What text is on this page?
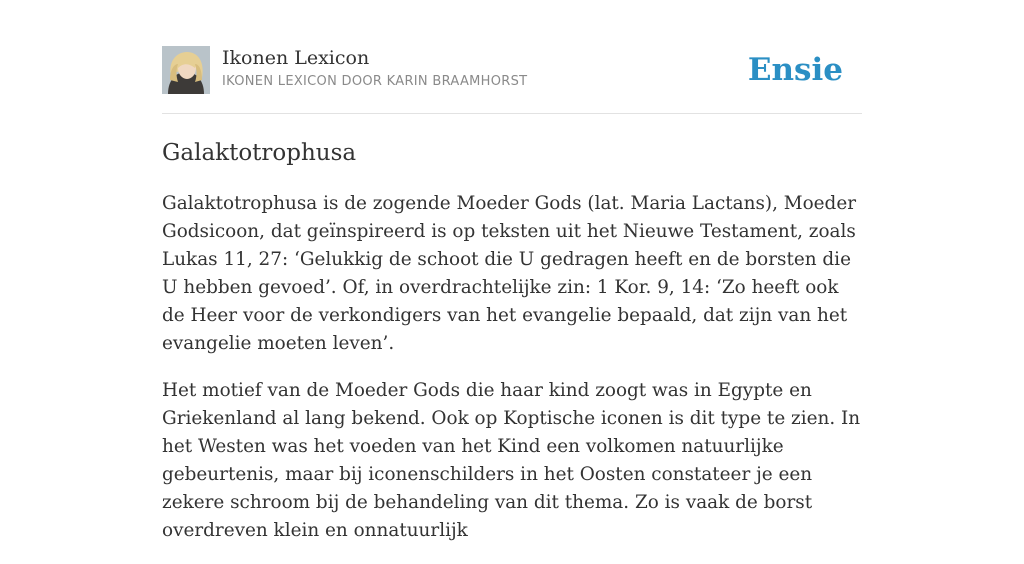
Ikonen Lexicon
IKONEN LEXICON DOOR KARIN BRAAMHORST	Ensie
Galaktotrophusa

Galaktotrophusa is de zogende Moeder Gods (lat. Maria Lactans), Moeder Godsicoon, dat geïnspireerd is op teksten uit het Nieuwe Testament, zoals Lukas 11, 27: ‘Gelukkig de schoot die U gedragen heeft en de borsten die U hebben gevoed’. Of, in overdrachtelijke zin: 1 Kor. 9, 14: ‘Zo heeft ook de Heer voor de verkondigers van het evangelie bepaald, dat zijn van het evangelie moeten leven’.

Het motief van de Moeder Gods die haar kind zoogt was in Egypte en Griekenland al lang bekend. Ook op Koptische iconen is dit type te zien. In het Westen was het voeden van het Kind een volkomen natuurlijke gebeurtenis, maar bij iconenschilders in het Oosten constateer je een zekere schroom bij de behandeling van dit thema. Zo is vaak de borst overdreven klein en onnatuurlijk
